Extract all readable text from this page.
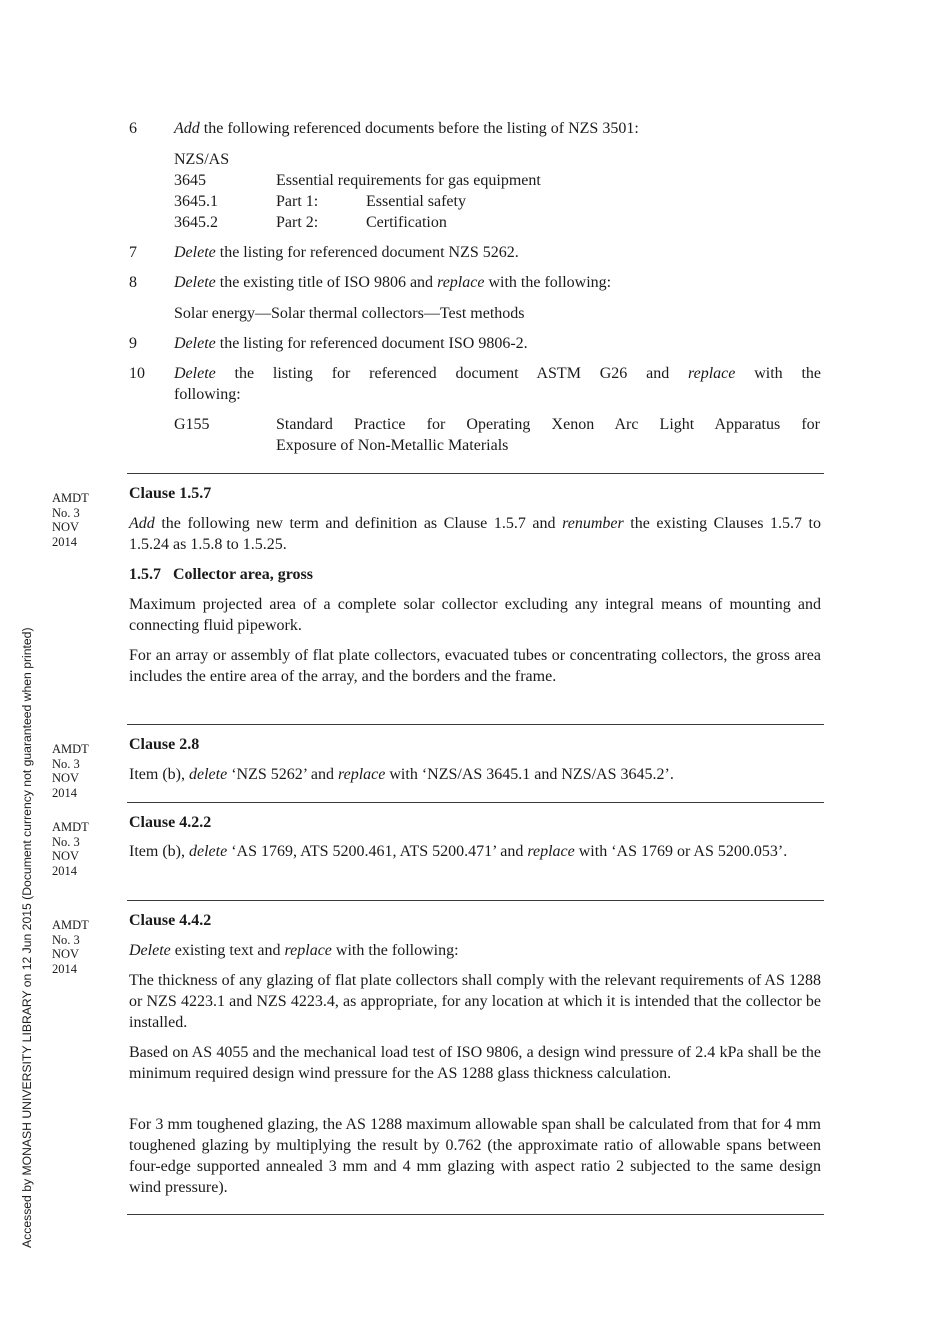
Accessed by MONASH UNIVERSITY LIBRARY on 12 Jun 2015 (Document currency not guaranteed when printed)
6 Add the following referenced documents before the listing of NZS 3501:
NZS/AS
3645	Essential requirements for gas equipment
3645.1	Part 1:	Essential safety
3645.2	Part 2:	Certification
7 Delete the listing for referenced document NZS 5262.
8 Delete the existing title of ISO 9806 and replace with the following:
Solar energy—Solar thermal collectors—Test methods
9 Delete the listing for referenced document ISO 9806-2.
10 Delete the listing for referenced document ASTM G26 and replace with the
following:
G155	Standard Practice for Operating Xenon Arc Light Apparatus for
Exposure of Non-Metallic Materials
AMDT
No. 3
NOV
2014
Clause 1.5.7
Add the following new term and definition as Clause 1.5.7 and renumber the existing Clauses 1.5.7 to 1.5.24 as 1.5.8 to 1.5.25.
1.5.7 Collector area, gross
Maximum projected area of a complete solar collector excluding any integral means of mounting and connecting fluid pipework.
For an array or assembly of flat plate collectors, evacuated tubes or concentrating collectors, the gross area includes the entire area of the array, and the borders and the frame.
AMDT
No. 3
NOV
2014
Clause 2.8
Item (b), delete ‘NZS 5262’ and replace with ‘NZS/AS 3645.1 and NZS/AS 3645.2’.
AMDT
No. 3
NOV
2014
Clause 4.2.2
Item (b), delete ‘AS 1769, ATS 5200.461, ATS 5200.471’ and replace with ‘AS 1769 or AS 5200.053’.
AMDT
No. 3
NOV
2014
Clause 4.4.2
Delete existing text and replace with the following:
The thickness of any glazing of flat plate collectors shall comply with the relevant requirements of AS 1288 or NZS 4223.1 and NZS 4223.4, as appropriate, for any location at which it is intended that the collector be installed.
Based on AS 4055 and the mechanical load test of ISO 9806, a design wind pressure of 2.4 kPa shall be the minimum required design wind pressure for the AS 1288 glass thickness calculation.
For 3 mm toughened glazing, the AS 1288 maximum allowable span shall be calculated from that for 4 mm toughened glazing by multiplying the result by 0.762 (the approximate ratio of allowable spans between four-edge supported annealed 3 mm and 4 mm glazing with aspect ratio 2 subjected to the same design wind pressure).
